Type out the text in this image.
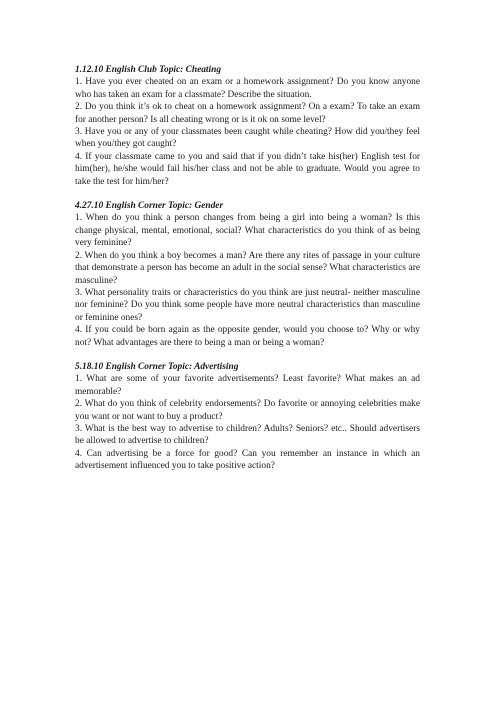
1.12.10 English Club Topic: Cheating

1. Have you ever cheated on an exam or a homework assignment? Do you know anyone who has taken an exam for a classmate? Describe the situation.

2. Do you think it’s ok to cheat on a homework assignment? On a exam? To take an exam for another person? Is all cheating wrong or is it ok on some level?

3. Have you or any of your classmates been caught while cheating? How did you/they feel when you/they got caught?

4. If your classmate came to you and said that if you didn’t take his(her) English test for him(her), he/she would fail his/her class and not be able to graduate. Would you agree to take the test for him/her?

4.27.10 English Corner Topic: Gender

1. When do you think a person changes from being a girl into being a woman? Is this change physical, mental, emotional, social? What characteristics do you think of as being very feminine?

2. When do you think a boy becomes a man? Are there any rites of passage in your culture that demonstrate a person has become an adult in the social sense? What characteristics are masculine?

3. What personality traits or characteristics do you think are just neutral- neither masculine nor feminine? Do you think some people have more neutral characteristics than masculine or feminine ones?

4. If you could be born again as the opposite gender, would you choose to? Why or why not? What advantages are there to being a man or being a woman?

5.18.10 English Corner Topic: Advertising

1. What are some of your favorite advertisements? Least favorite? What makes an ad memorable?

2. What do you think of celebrity endorsements? Do favorite or annoying celebrities make you want or not want to buy a product?

3. What is the best way to advertise to children? Adults? Seniors? etc.. Should advertisers be allowed to advertise to children?

4. Can advertising be a force for good? Can you remember an instance in which an advertisement influenced you to take positive action?
